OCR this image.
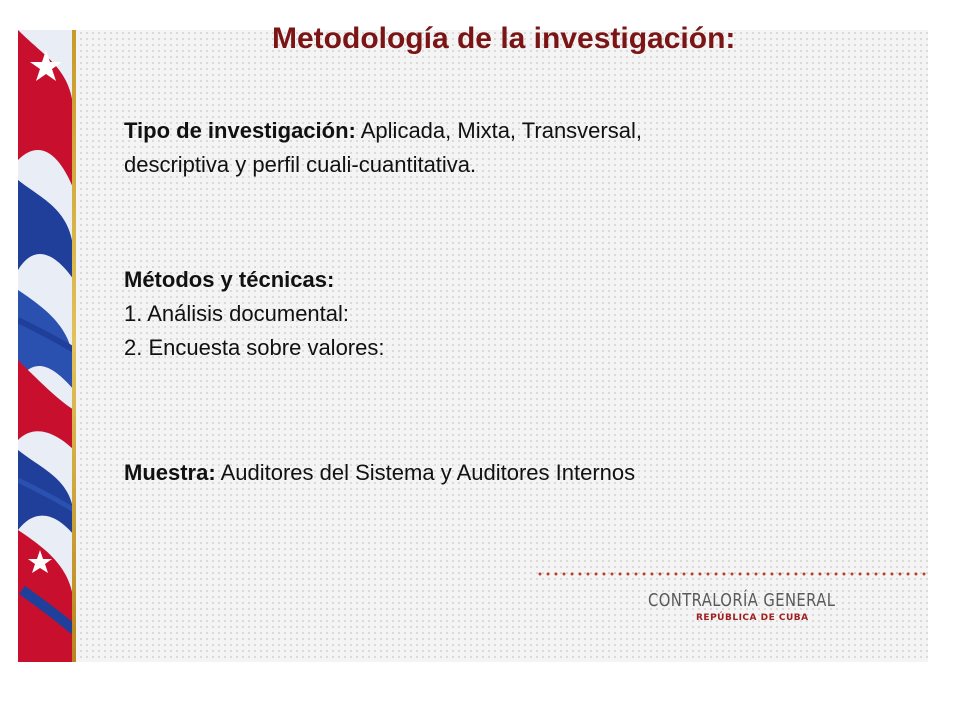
Metodología de la investigación:

Tipo de investigación: Aplicada, Mixta, Transversal,
descriptiva y perfil cuali-cuantitativa.

Métodos y técnicas:
1. Análisis documental:
2. Encuesta sobre valores:

Muestra: Auditores del Sistema y Auditores Internos

CONTRALORÍA GENERAL
REPÚBLICA DE CUBA
